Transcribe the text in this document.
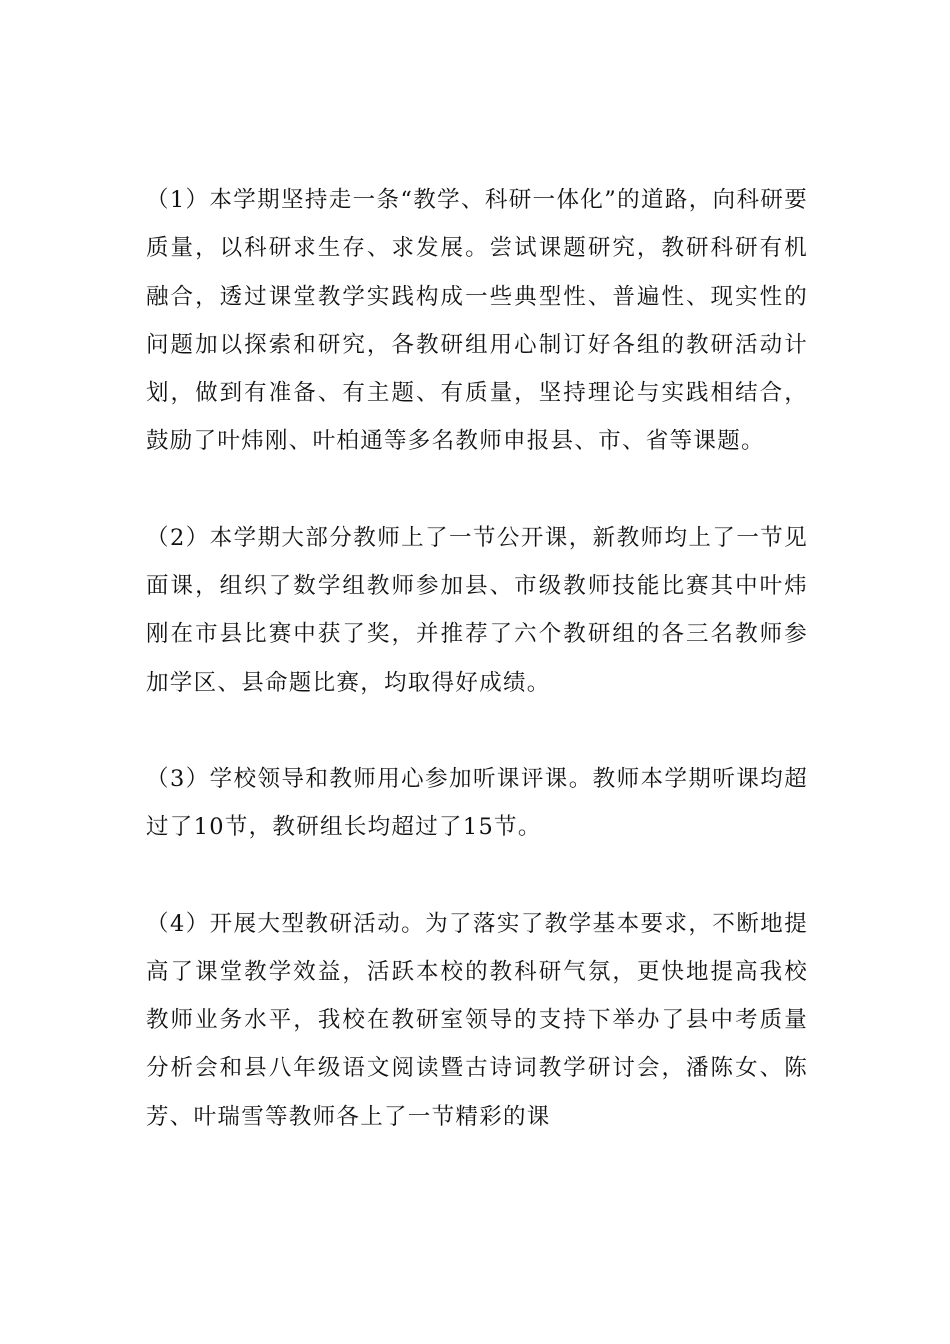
（1）本学期坚持走一条“教学、科研一体化”的道路，向科研要质量，以科研求生存、求发展。尝试课题研究，教研科研有机融合，透过课堂教学实践构成一些典型性、普遍性、现实性的问题加以探索和研究，各教研组用心制订好各组的教研活动计划，做到有准备、有主题、有质量，坚持理论与实践相结合，鼓励了叶炜刚、叶柏通等多名教师申报县、市、省等课题。

（2）本学期大部分教师上了一节公开课，新教师均上了一节见面课，组织了数学组教师参加县、市级教师技能比赛其中叶炜刚在市县比赛中获了奖，并推荐了六个教研组的各三名教师参加学区、县命题比赛，均取得好成绩。

（3）学校领导和教师用心参加听课评课。教师本学期听课均超过了10节，教研组长均超过了15节。

（4）开展大型教研活动。为了落实了教学基本要求，不断地提高了课堂教学效益，活跃本校的教科研气氛，更快地提高我校教师业务水平，我校在教研室领导的支持下举办了县中考质量分析会和县八年级语文阅读暨古诗词教学研讨会，潘陈女、陈芳、叶瑞雪等教师各上了一节精彩的课
